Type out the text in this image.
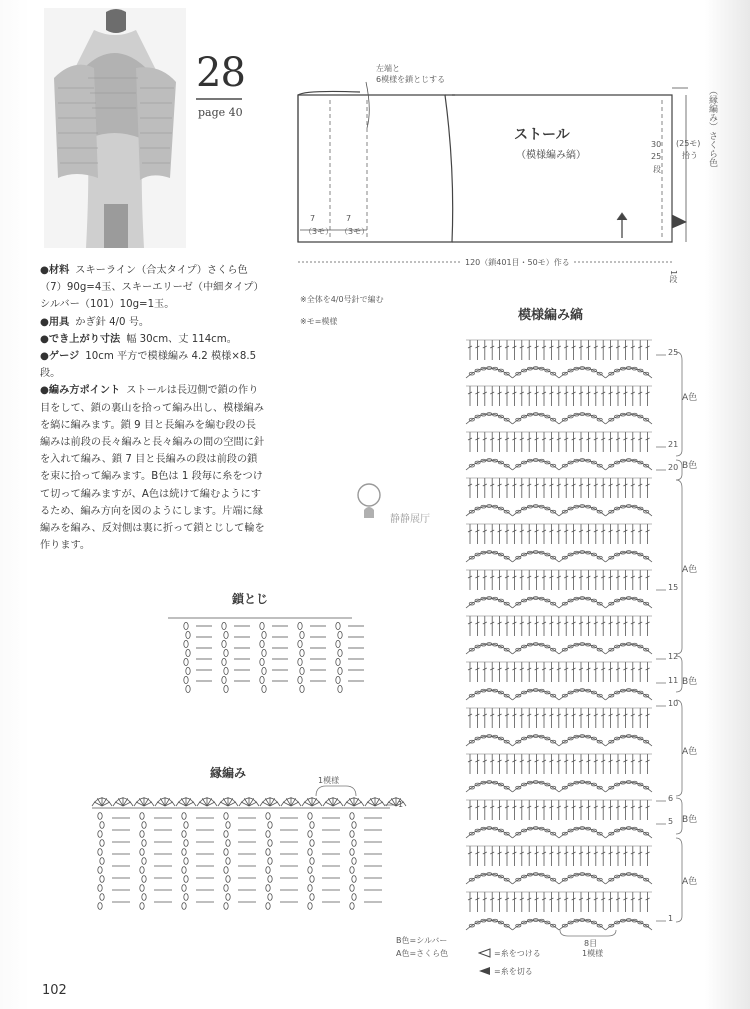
28
page 40

●材料 スキーライン（合太タイプ）さくら色（7）90g=4玉、スキーエリーゼ（中細タイプ）シルバー（101）10g=1玉。

●用具 かぎ針 4/0 号。

●でき上がり寸法 幅 30cm、丈 114cm。

●ゲージ 10cm 平方で模様編み 4.2 模様×8.5 段。

●編み方ポイント ストールは長辺側で鎖の作り目をして、鎖の裏山を拾って編み出し、模様編みを縞に編みます。鎖 9 目と長編みを編む段の長編みは前段の長々編みと長々編みの間の空間に針を入れて編み、鎖 7 目と長編みの段は前段の鎖を束に拾って編みます。B色は 1 段毎に糸をつけて切って編みますが、A色は続けて編むようにするため、編み方向を図のようにします。片端に縁編みを編み、反対側は裏に折って鎖とじして輪を作ります。

左端と
6模様を鎖とじする
ストール
（模様編み縞）
7
（3モ）
7
（3モ）
120（鎖401目・50モ）作る
30
25
段
(25モ)
拾う （縁編み）さくら色
1段
※全体を4/0号針で編む
※モ=模様	模様編み縞
25
21
20
15
12
11
10
6
5
1
A色
B色
A色
B色
A色
B色
A色
8目
1模様
鎖とじ
縁編み
1模様
1
B色=シルバー
A色=さくら色	=糸をつける
=糸を切る
静静展厅
102
